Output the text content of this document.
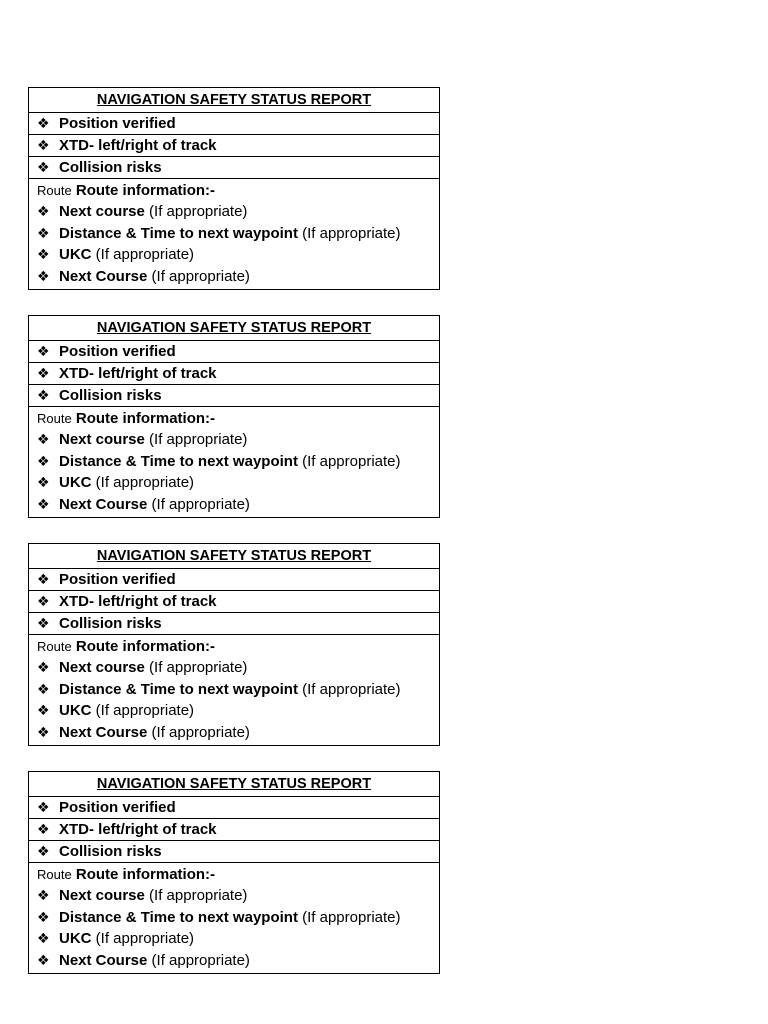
NAVIGATION SAFETY STATUS REPORT
❖ Position verified
❖ XTD- left/right of track
❖ Collision risks
Route Route information:-
❖ Next course (If appropriate)
❖ Distance & Time to next waypoint (If appropriate)
❖ UKC (If appropriate)
❖ Next Course (If appropriate)
NAVIGATION SAFETY STATUS REPORT
❖ Position verified
❖ XTD- left/right of track
❖ Collision risks
Route Route information:-
❖ Next course (If appropriate)
❖ Distance & Time to next waypoint (If appropriate)
❖ UKC (If appropriate)
❖ Next Course (If appropriate)
NAVIGATION SAFETY STATUS REPORT
❖ Position verified
❖ XTD- left/right of track
❖ Collision risks
Route Route information:-
❖ Next course (If appropriate)
❖ Distance & Time to next waypoint (If appropriate)
❖ UKC (If appropriate)
❖ Next Course (If appropriate)
NAVIGATION SAFETY STATUS REPORT
❖ Position verified
❖ XTD- left/right of track
❖ Collision risks
Route Route information:-
❖ Next course (If appropriate)
❖ Distance & Time to next waypoint (If appropriate)
❖ UKC (If appropriate)
❖ Next Course (If appropriate)
